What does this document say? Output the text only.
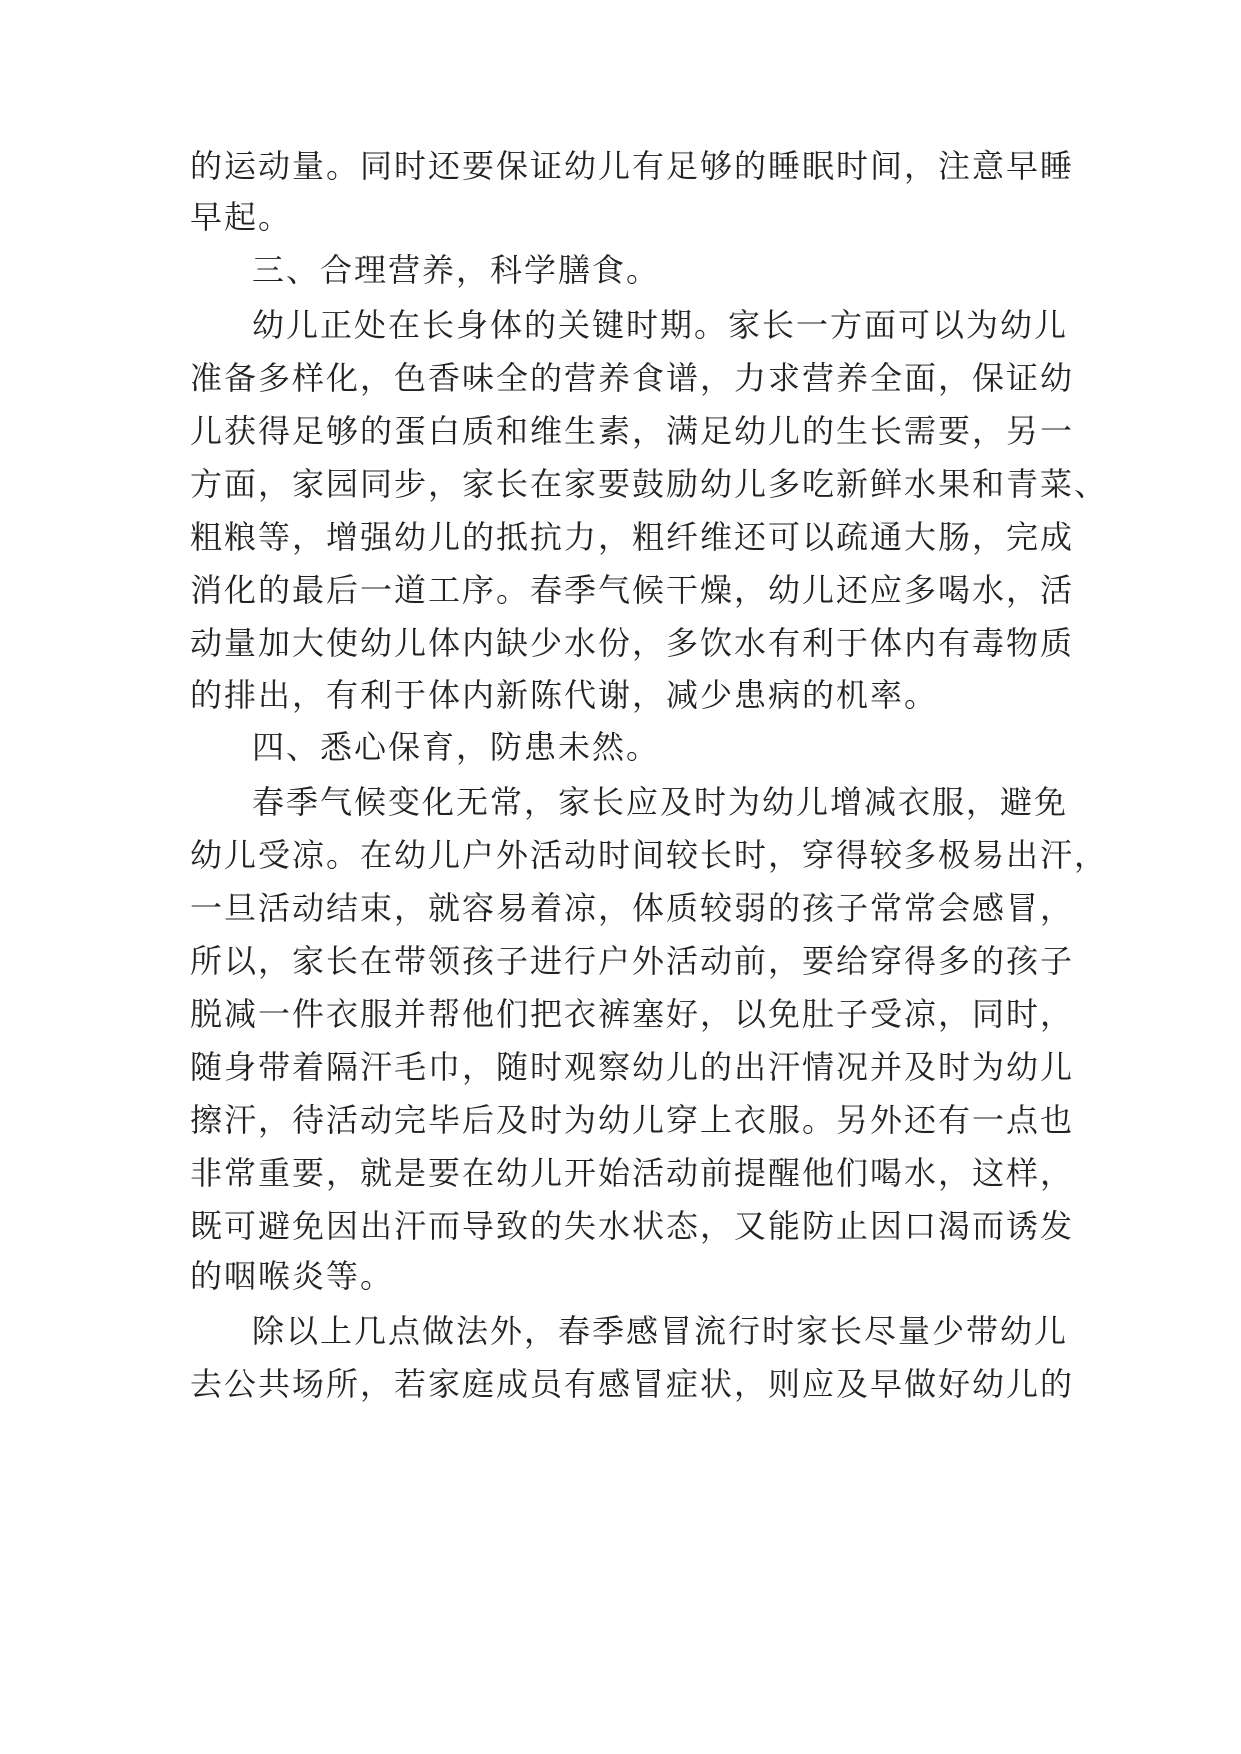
的运动量。同时还要保证幼儿有足够的睡眠时间，注意早睡
早起。
三、合理营养，科学膳食。
幼儿正处在长身体的关键时期。家长一方面可以为幼儿
准备多样化，色香味全的营养食谱，力求营养全面，保证幼
儿获得足够的蛋白质和维生素，满足幼儿的生长需要，另一
方面，家园同步，家长在家要鼓励幼儿多吃新鲜水果和青菜、
粗粮等，增强幼儿的抵抗力，粗纤维还可以疏通大肠，完成
消化的最后一道工序。春季气候干燥，幼儿还应多喝水，活
动量加大使幼儿体内缺少水份，多饮水有利于体内有毒物质
的排出，有利于体内新陈代谢，减少患病的机率。
四、悉心保育，防患未然。
春季气候变化无常，家长应及时为幼儿增减衣服，避免
幼儿受凉。在幼儿户外活动时间较长时，穿得较多极易出汗，
一旦活动结束，就容易着凉，体质较弱的孩子常常会感冒，
所以，家长在带领孩子进行户外活动前，要给穿得多的孩子
脱减一件衣服并帮他们把衣裤塞好，以免肚子受凉，同时，
随身带着隔汗毛巾，随时观察幼儿的出汗情况并及时为幼儿
擦汗，待活动完毕后及时为幼儿穿上衣服。另外还有一点也
非常重要，就是要在幼儿开始活动前提醒他们喝水，这样，
既可避免因出汗而导致的失水状态，又能防止因口渴而诱发
的咽喉炎等。
除以上几点做法外，春季感冒流行时家长尽量少带幼儿
去公共场所，若家庭成员有感冒症状，则应及早做好幼儿的
